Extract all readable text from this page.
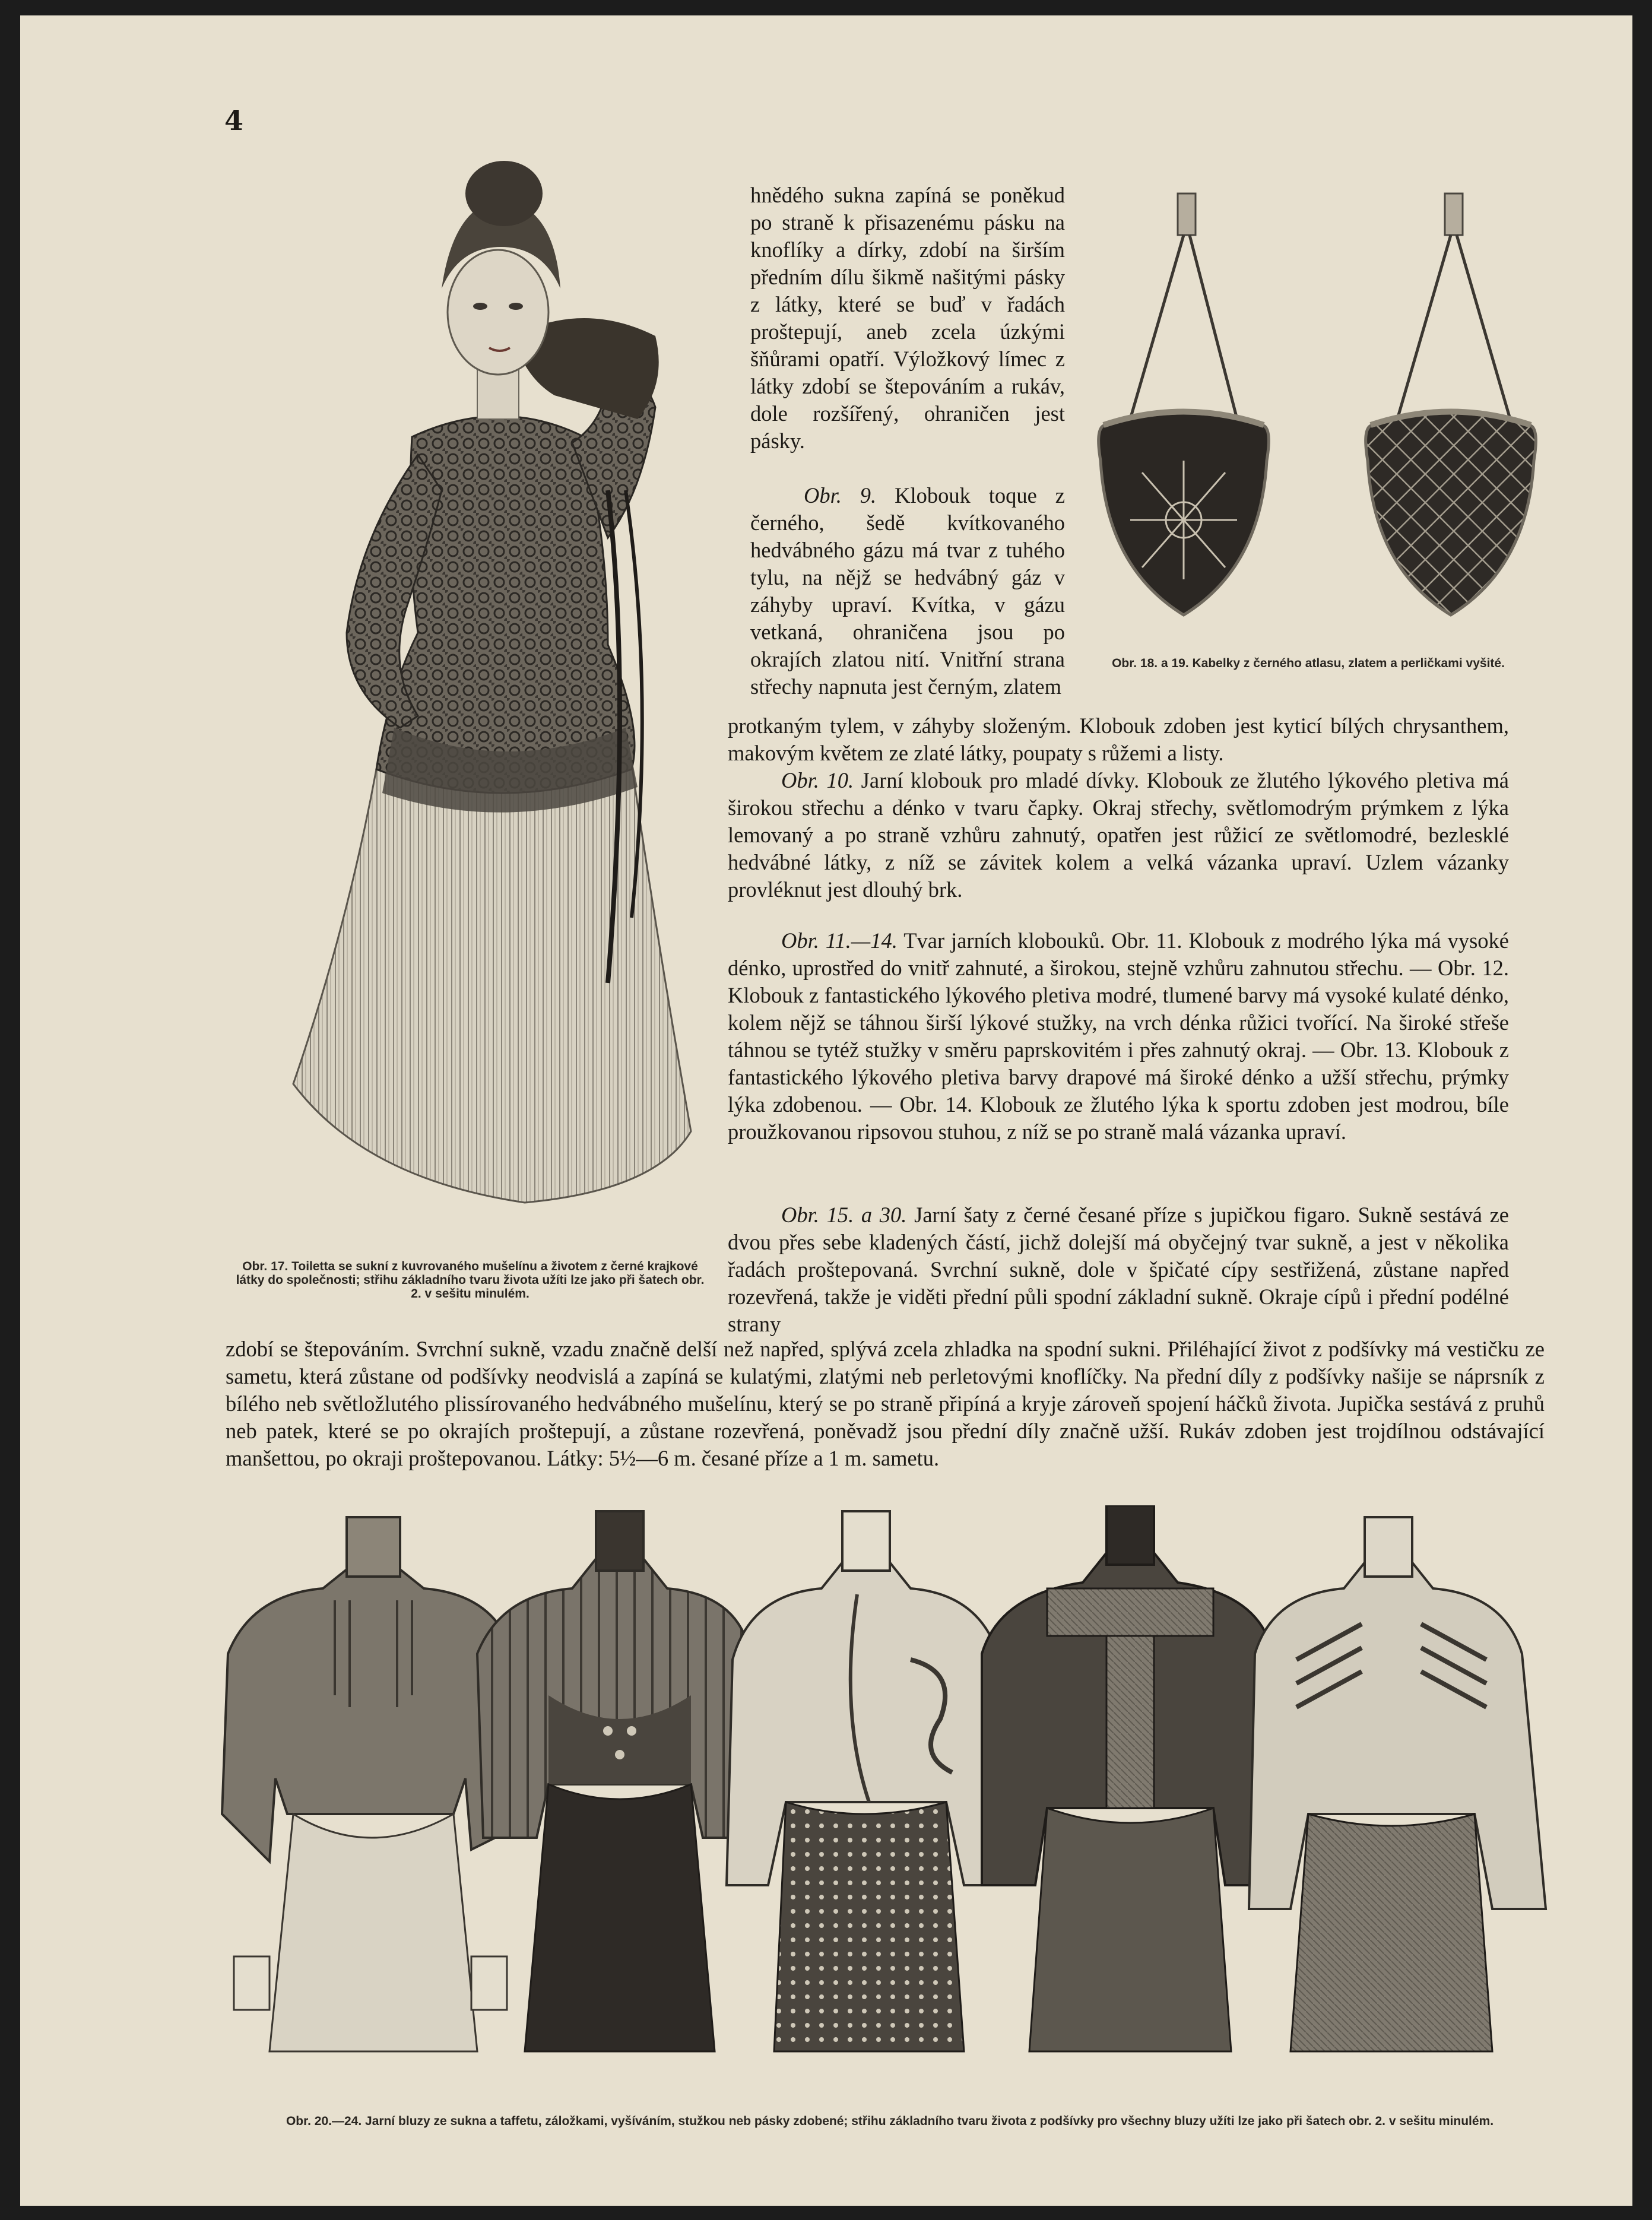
4

Obr. 17. Toiletta se sukní z kuvrovaného mušelínu a životem z černé krajkové látky do společnosti; střihu základního tvaru života užíti lze jako při šatech obr. 2. v sešitu minulém.

hnědého sukna zapíná se poněkud po straně k přisazenému pásku na knoflíky a dírky, zdobí na širším předním dílu šikmě našitými pásky z látky, které se buď v řadách proštepují, aneb zcela úzkými šňůrami opatří. Výložkový límec z látky zdobí se štepováním a rukáv, dole rozšířený, ohraničen jest pásky.

Obr. 9. Klobouk toque z černého, šedě kvítkovaného hedvábného gázu má tvar z tuhého tylu, na nějž se hedvábný gáz v záhyby upraví. Kvítka, v gázu vetkaná, ohraničena jsou po okrajích zlatou nití. Vnitřní strana střechy napnuta jest černým, zlatem

Obr. 18. a 19. Kabelky z černého atlasu, zlatem a perličkami vyšité.

protkaným tylem, v záhyby složeným. Klobouk zdoben jest kyticí bílých chrysanthem, makovým květem ze zlaté látky, poupaty s růžemi a listy.

Obr. 10. Jarní klobouk pro mladé dívky. Klobouk ze žlutého lýkového pletiva má širokou střechu a dénko v tvaru čapky. Okraj střechy, světlomodrým prýmkem z lýka lemovaný a po straně vzhůru zahnutý, opatřen jest růžicí ze světlomodré, bezlesklé hedvábné látky, z níž se závitek kolem a velká vázanka upraví. Uzlem vázanky provléknut jest dlouhý brk.

Obr. 11.—14. Tvar jarních klobouků. Obr. 11. Klobouk z modrého lýka má vysoké dénko, uprostřed do vnitř zahnuté, a širokou, stejně vzhůru zahnutou střechu. — Obr. 12. Klobouk z fantastického lýkového pletiva modré, tlumené barvy má vysoké kulaté dénko, kolem nějž se táhnou širší lýkové stužky, na vrch dénka růžici tvořící. Na široké střeše táhnou se tytéž stužky v směru paprskovitém i přes zahnutý okraj. — Obr. 13. Klobouk z fantastického lýkového pletiva barvy drapové má široké dénko a užší střechu, prýmky lýka zdobenou. — Obr. 14. Klobouk ze žlutého lýka k sportu zdoben jest modrou, bíle proužkovanou ripsovou stuhou, z níž se po straně malá vázanka upraví.

Obr. 15. a 30. Jarní šaty z černé česané příze s jupičkou figaro. Sukně sestává ze dvou přes sebe kladených částí, jichž dolejší má obyčejný tvar sukně, a jest v několika řadách proštepovaná. Svrchní sukně, dole v špičaté cípy sestřižená, zůstane napřed rozevřená, takže je viděti přední půli spodní základní sukně. Okraje cípů i přední podélné strany

zdobí se štepováním. Svrchní sukně, vzadu značně delší než napřed, splývá zcela zhladka na spodní sukni. Přiléhající život z podšívky má vestičku ze sametu, která zůstane od podšívky neodvislá a zapíná se kulatými, zlatými neb perletovými knoflíčky. Na přední díly z podšívky našije se náprsník z bílého neb světložlutého plissírovaného hedvábného mušelínu, který se po straně připíná a kryje zároveň spojení háčků života. Jupička sestává z pruhů neb patek, které se po okrajích proštepují, a zůstane rozevřená, poněvadž jsou přední díly značně užší. Rukáv zdoben jest trojdílnou odstávající manšettou, po okraji proštepovanou. Látky: 5½—6 m. česané příze a 1 m. sametu.

Obr. 20.—24. Jarní bluzy ze sukna a taffetu, záložkami, vyšíváním, stužkou neb pásky zdobené; střihu základního tvaru života z podšívky pro všechny bluzy užíti lze jako při šatech obr. 2. v sešitu minulém.
